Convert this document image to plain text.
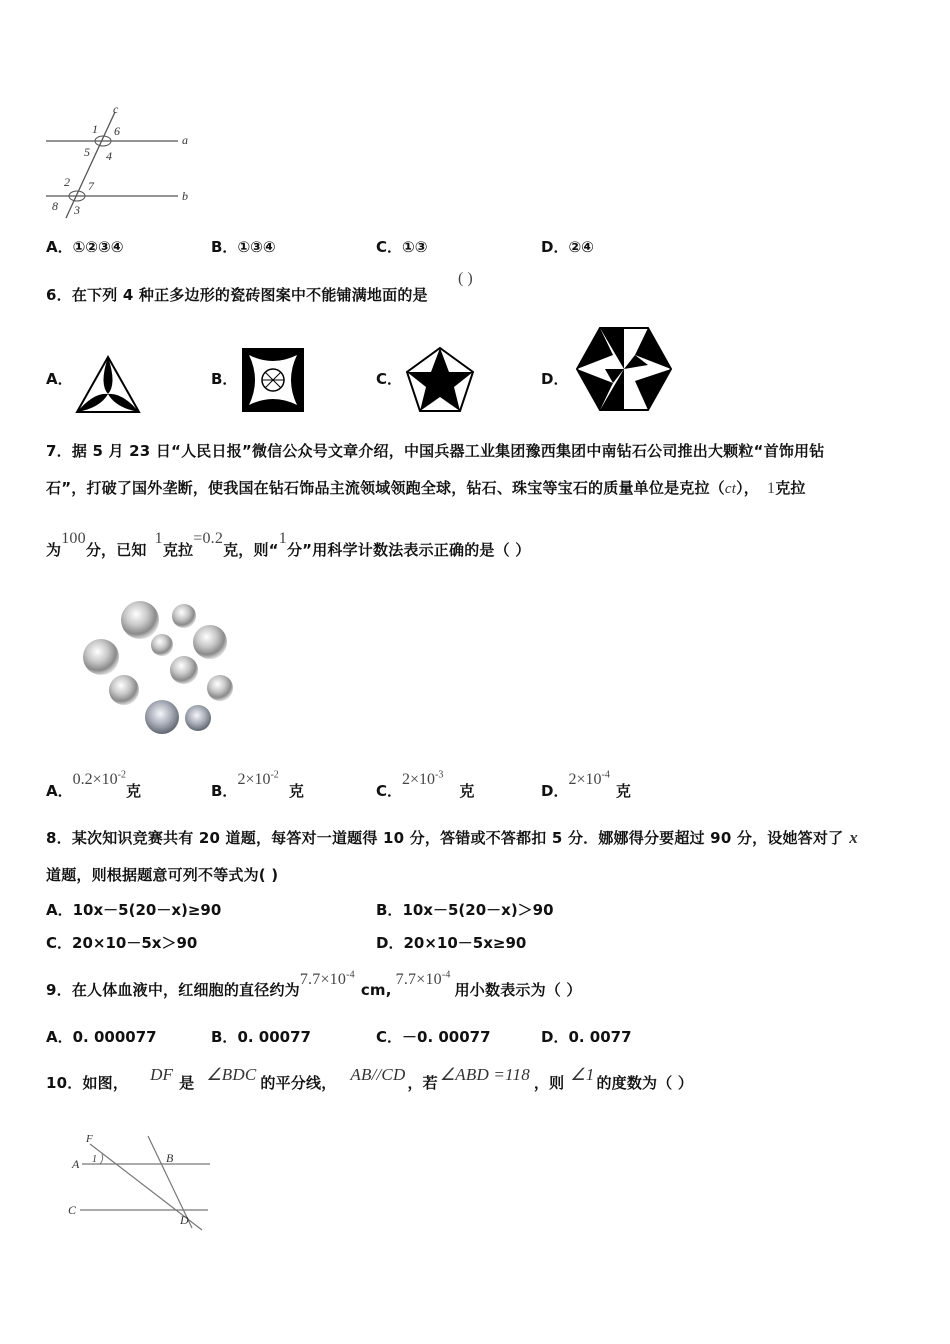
c
a
b
1 6
5 4
2 7
8 3
A．①②③④	B．①③④	C．①③	D．②④
6．在下列 4 种正多边形的瓷砖图案中不能铺满地面的是
( )
A．	B．	C．	D．
7．据 5 月 23 日“人民日报”微信公众号文章介绍，中国兵器工业集团豫西集团中南钻石公司推出大颗粒“首饰用钻
石”，打破了国外垄断，使我国在钻石饰品主流领域领跑全球，钻石、珠宝等宝石的质量单位是克拉（ct）， 1克拉
为100分，已知1克拉=0.2克，则“1分”用科学计数法表示正确的是（ ）
A．$0.2\times 10^{-2}$克	B．$2\times 10^{-2}$克	C．$2\times 10^{-3}$克	D．$2\times 10^{-4}$克
8．某次知识竞赛共有 20 道题，每答对一道题得 10 分，答错或不答都扣 5 分．娜娜得分要超过 90 分，设她答对了 x
道题，则根据题意可列不等式为( )
A．10x－5(20－x)≥90	B．10x－5(20－x)＞90
C．20×10－5x＞90	D．20×10－5x≥90
9．在人体血液中，红细胞的直径约为$7.7\times 10^{-4}cm,7.7\times 10^{-4}$用小数表示为（ ）
A．0. 000077	B．0. 00077	C．－0. 00077	D．0. 0077
10．如图， DF 是 ∠BDC 的平分线， AB//CD ，若 ∠ABD =118 ，则 ∠1 的度数为（ ）
F
A 1	B
C
D
